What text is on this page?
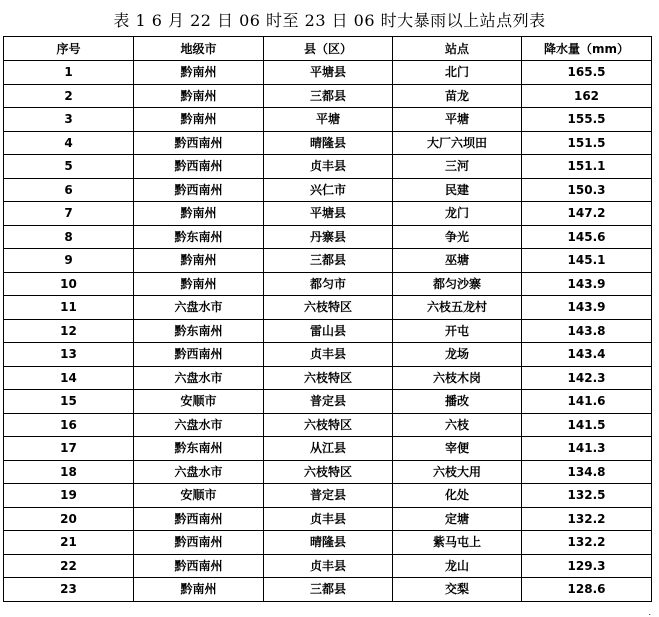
表 1 6 月 22 日 06 时至 23 日 06 时大暴雨以上站点列表
序号	地级市	县（区）	站点	降水量（mm）
1	黔南州	平塘县	北门	165.5
2	黔南州	三都县	苗龙	162
3	黔南州	平塘	平塘	155.5
4	黔西南州	晴隆县	大厂六坝田	151.5
5	黔西南州	贞丰县	三河	151.1
6	黔西南州	兴仁市	民建	150.3
7	黔南州	平塘县	龙门	147.2
8	黔东南州	丹寨县	争光	145.6
9	黔南州	三都县	巫塘	145.1
10	黔南州	都匀市	都匀沙寨	143.9
11	六盘水市	六枝特区	六枝五龙村	143.9
12	黔东南州	雷山县	开屯	143.8
13	黔西南州	贞丰县	龙场	143.4
14	六盘水市	六枝特区	六枝木岗	142.3
15	安顺市	普定县	播改	141.6
16	六盘水市	六枝特区	六枝	141.5
17	黔东南州	从江县	宰便	141.3
18	六盘水市	六枝特区	六枝大用	134.8
19	安顺市	普定县	化处	132.5
20	黔西南州	贞丰县	定塘	132.2
21	黔西南州	晴隆县	紫马屯上	132.2
22	黔西南州	贞丰县	龙山	129.3
23	黔南州	三都县	交梨	128.6
.
